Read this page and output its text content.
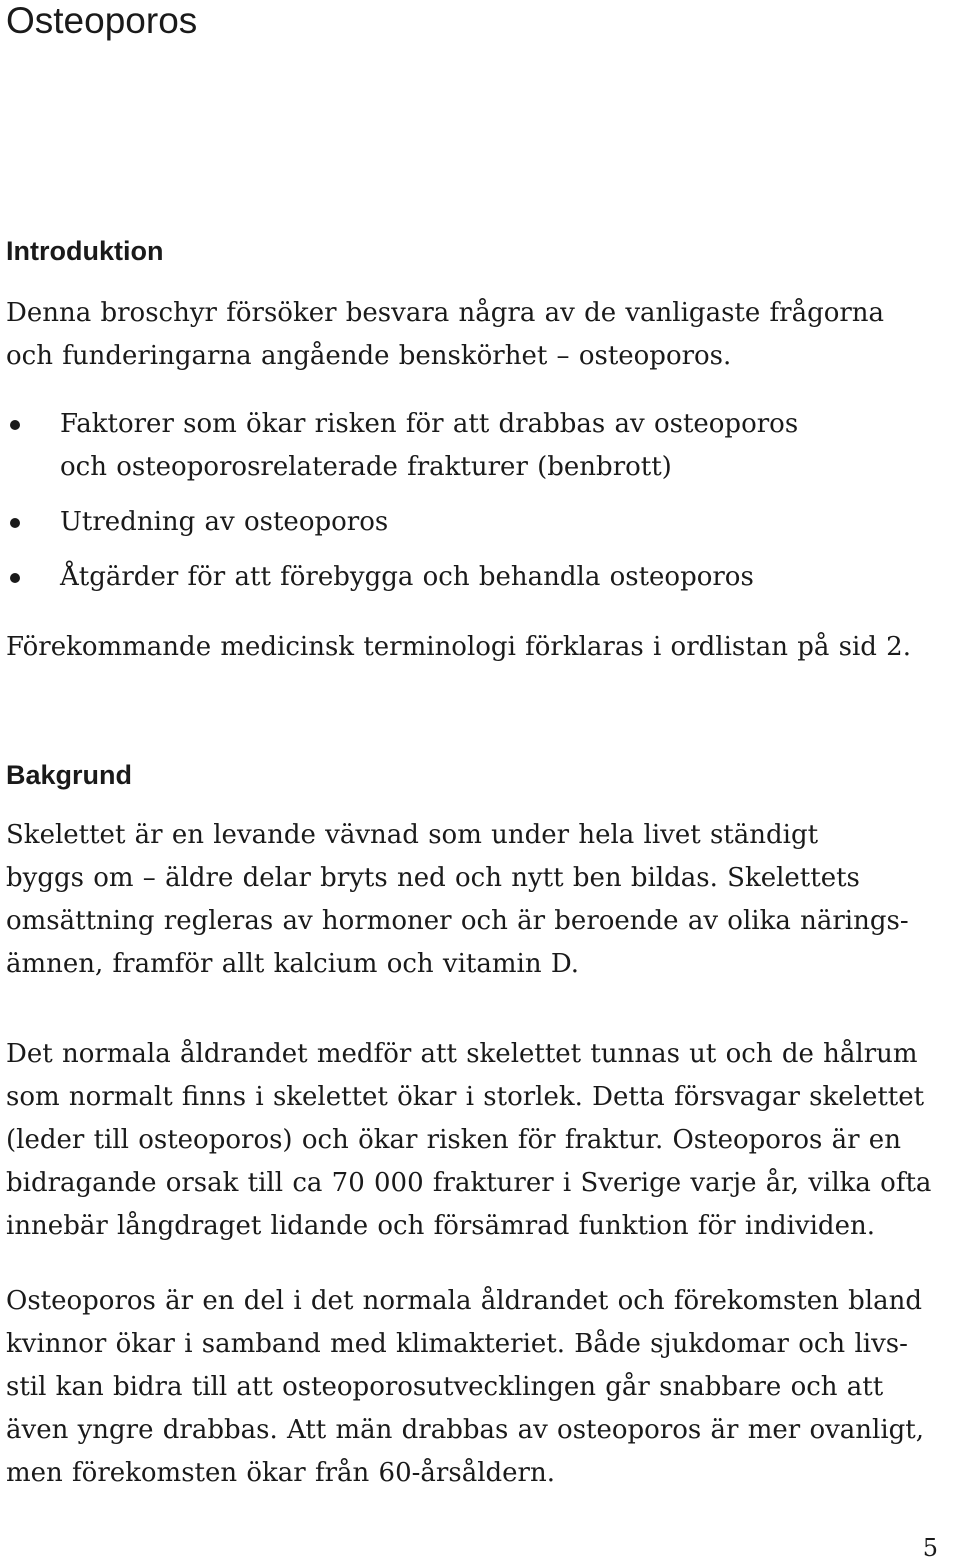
Osteoporos
Introduktion

Denna broschyr försöker besvara några av de vanligaste frågorna
och funderingarna angående benskörhet – osteoporos.

Faktorer som ökar risken för att drabbas av osteoporos
och osteoporosrelaterade frakturer (benbrott)
Utredning av osteoporos
Åtgärder för att förebygga och behandla osteoporos

Förekommande medicinsk terminologi förklaras i ordlistan på sid 2.

Bakgrund

Skelettet är en levande vävnad som under hela livet ständigt
byggs om – äldre delar bryts ned och nytt ben bildas. Skelettets
omsättning regleras av hormoner och är beroende av olika närings-
ämnen, framför allt kalcium och vitamin D.

Det normala åldrandet medför att skelettet tunnas ut och de hålrum
som normalt finns i skelettet ökar i storlek. Detta försvagar skelettet
(leder till osteoporos) och ökar risken för fraktur. Osteoporos är en
bidragande orsak till ca 70 000 frakturer i Sverige varje år, vilka ofta
innebär långdraget lidande och försämrad funktion för individen.

Osteoporos är en del i det normala åldrandet och förekomsten bland
kvinnor ökar i samband med klimakteriet. Både sjukdomar och livs-
stil kan bidra till att osteoporosutvecklingen går snabbare och att
även yngre drabbas. Att män drabbas av osteoporos är mer ovanligt,
men förekomsten ökar från 60-årsåldern.

5
